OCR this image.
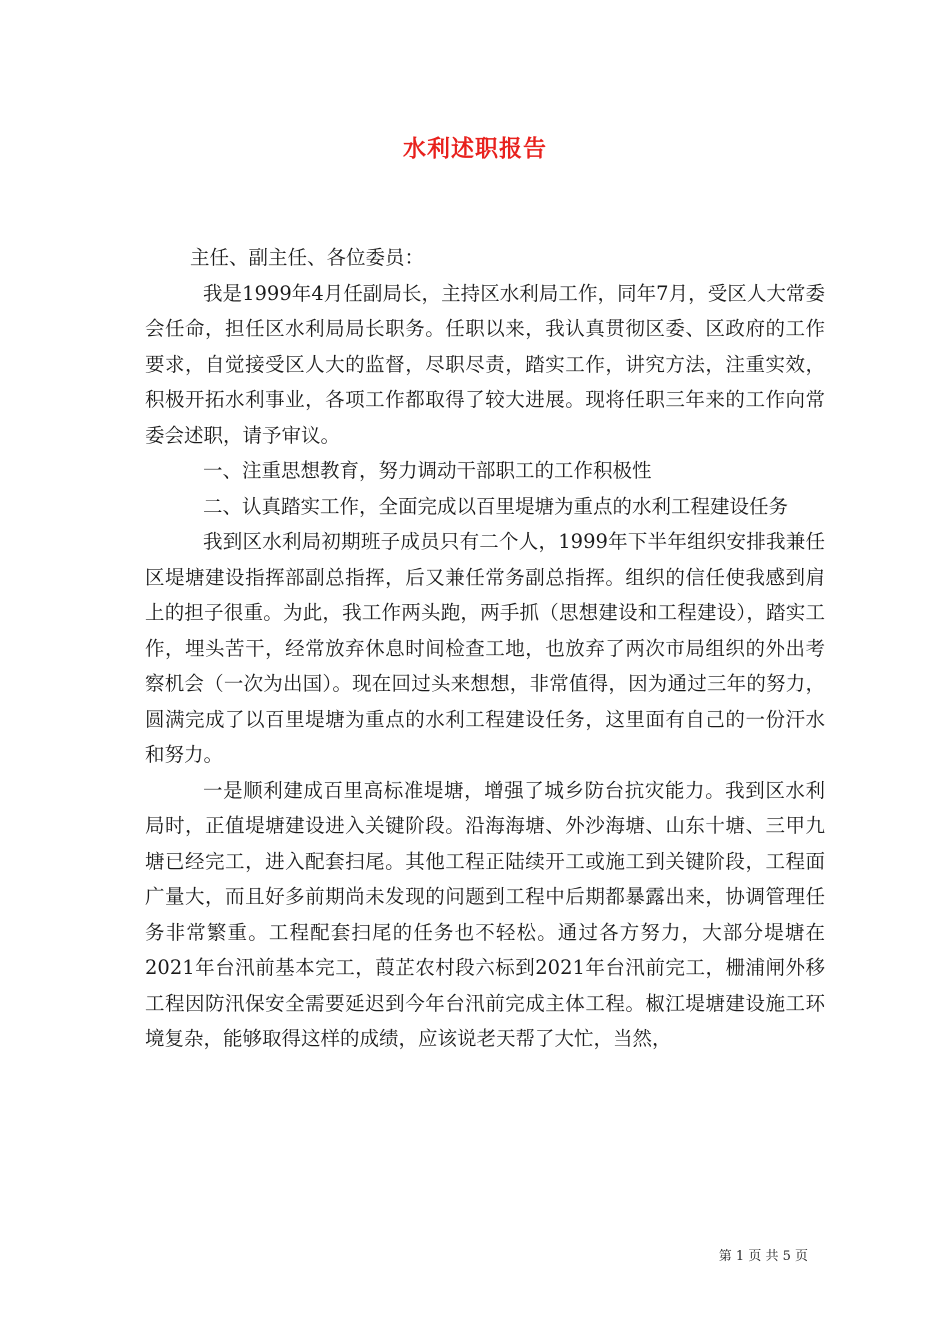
水利述职报告

主任、副主任、各位委员：

我是1999年4月任副局长，主持区水利局工作，同年7月，受区人大常委会任命，担任区水利局局长职务。任职以来，我认真贯彻区委、区政府的工作要求，自觉接受区人大的监督，尽职尽责，踏实工作，讲究方法，注重实效，积极开拓水利事业，各项工作都取得了较大进展。现将任职三年来的工作向常委会述职，请予审议。

一、注重思想教育，努力调动干部职工的工作积极性

二、认真踏实工作，全面完成以百里堤塘为重点的水利工程建设任务

我到区水利局初期班子成员只有二个人，1999年下半年组织安排我兼任区堤塘建设指挥部副总指挥，后又兼任常务副总指挥。组织的信任使我感到肩上的担子很重。为此，我工作两头跑，两手抓（思想建设和工程建设），踏实工作，埋头苦干，经常放弃休息时间检查工地，也放弃了两次市局组织的外出考察机会（一次为出国）。现在回过头来想想，非常值得，因为通过三年的努力，圆满完成了以百里堤塘为重点的水利工程建设任务，这里面有自己的一份汗水和努力。

一是顺利建成百里高标准堤塘，增强了城乡防台抗灾能力。我到区水利局时，正值堤塘建设进入关键阶段。沿海海塘、外沙海塘、山东十塘、三甲九塘已经完工，进入配套扫尾。其他工程正陆续开工或施工到关键阶段，工程面广量大，而且好多前期尚未发现的问题到工程中后期都暴露出来，协调管理任务非常繁重。工程配套扫尾的任务也不轻松。通过各方努力，大部分堤塘在2021年台汛前基本完工，葭芷农村段六标到2021年台汛前完工，栅浦闸外移工程因防汛保安全需要延迟到今年台汛前完成主体工程。椒江堤塘建设施工环境复杂，能够取得这样的成绩，应该说老天帮了大忙，当然，

第 1 页 共 5 页
